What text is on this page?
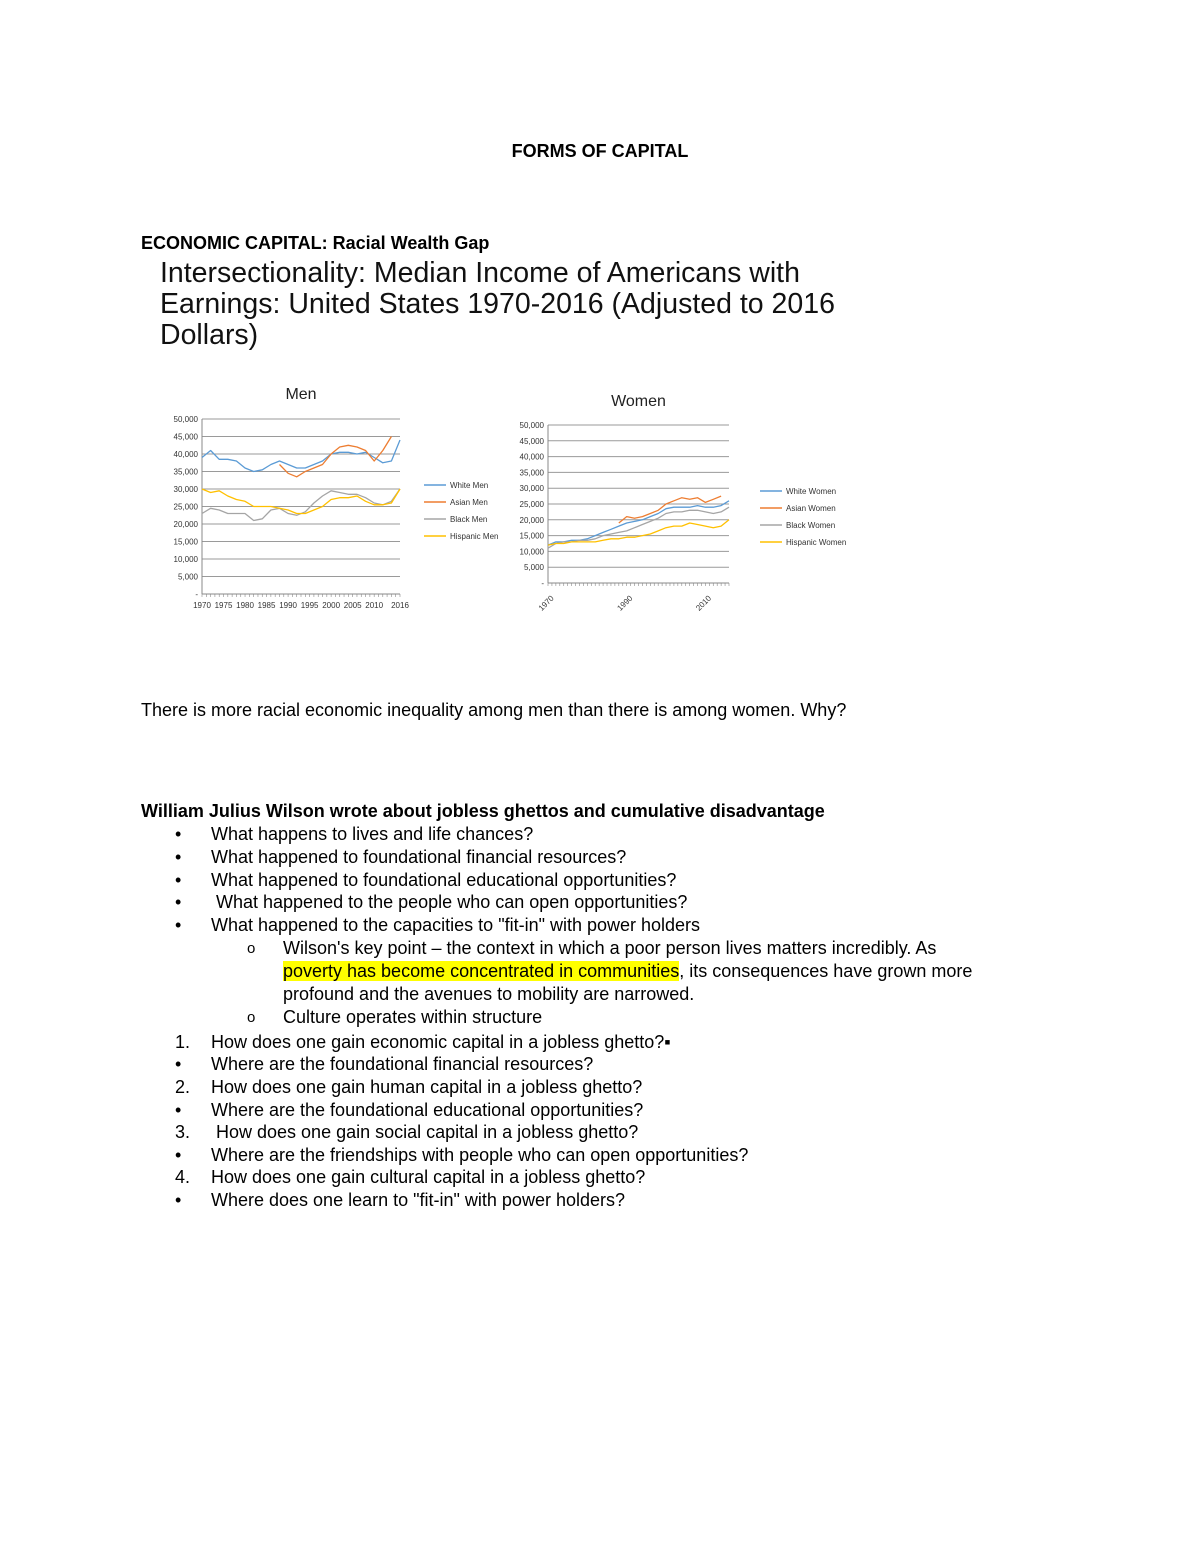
FORMS OF CAPITAL
ECONOMIC CAPITAL: Racial Wealth Gap
Intersectionality: Median Income of Americans with Earnings: United States 1970-2016 (Adjusted to 2016 Dollars)
Men
-
5,000
10,000
15,000
20,000
25,000
30,000
35,000
40,000
45,000
50,000
1970 1975 1980 1985 1990 1995 2000 2005 2010 2016
White Men
Asian Men
Black Men
Hispanic Men
Women
-
5,000
10,000
15,000
20,000
25,000
30,000
35,000
40,000
45,000
50,000
1970	1990	2010
White Women
Asian Women
Black Women
Hispanic Women
There is more racial economic inequality among men than there is among women. Why?
William Julius Wilson wrote about jobless ghettos and cumulative disadvantage
• What happens to lives and life chances?
• What happened to foundational financial resources?
• What happened to foundational educational opportunities?
• What happened to the people who can open opportunities?
• What happened to the capacities to "fit-in" with power holders
o Wilson's key point – the context in which a poor person lives matters incredibly. As
poverty has become concentrated in communities, its consequences have grown more
profound and the avenues to mobility are narrowed.
o Culture operates within structure
1. How does one gain economic capital in a jobless ghetto?▪
• Where are the foundational financial resources?
2. How does one gain human capital in a jobless ghetto?
• Where are the foundational educational opportunities?
3. How does one gain social capital in a jobless ghetto?
• Where are the friendships with people who can open opportunities?
4. How does one gain cultural capital in a jobless ghetto?
• Where does one learn to "fit-in" with power holders?
